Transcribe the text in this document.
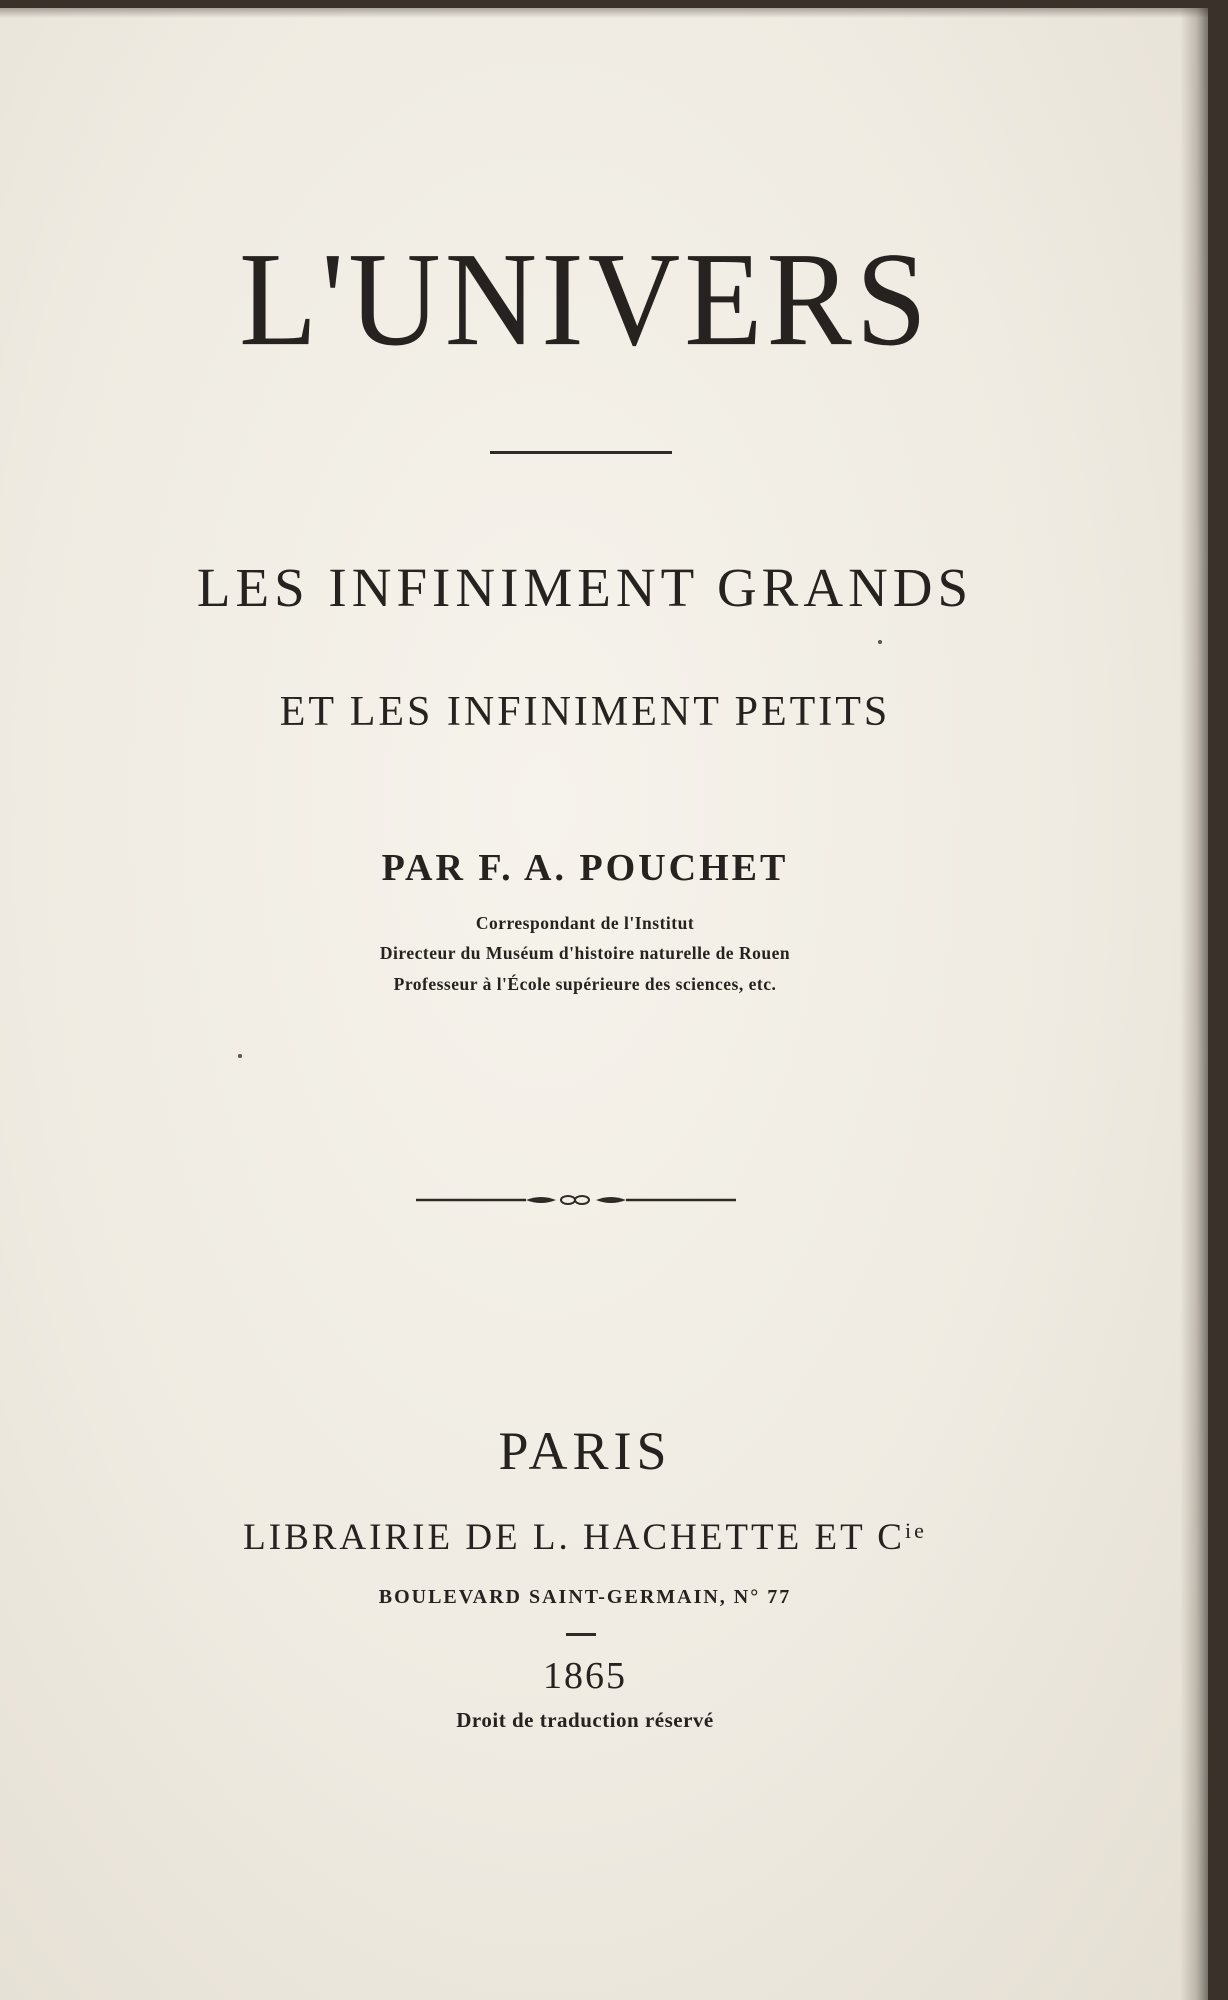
L'UNIVERS
LES INFINIMENT GRANDS
ET LES INFINIMENT PETITS
PAR F. A. POUCHET
Correspondant de l'Institut
Directeur du Muséum d'histoire naturelle de Rouen
Professeur à l'École supérieure des sciences, etc.
PARIS
LIBRAIRIE DE L. HACHETTE ET $C^{ie}$
BOULEVARD SAINT-GERMAIN, N° 77
1865
Droit de traduction réservé
